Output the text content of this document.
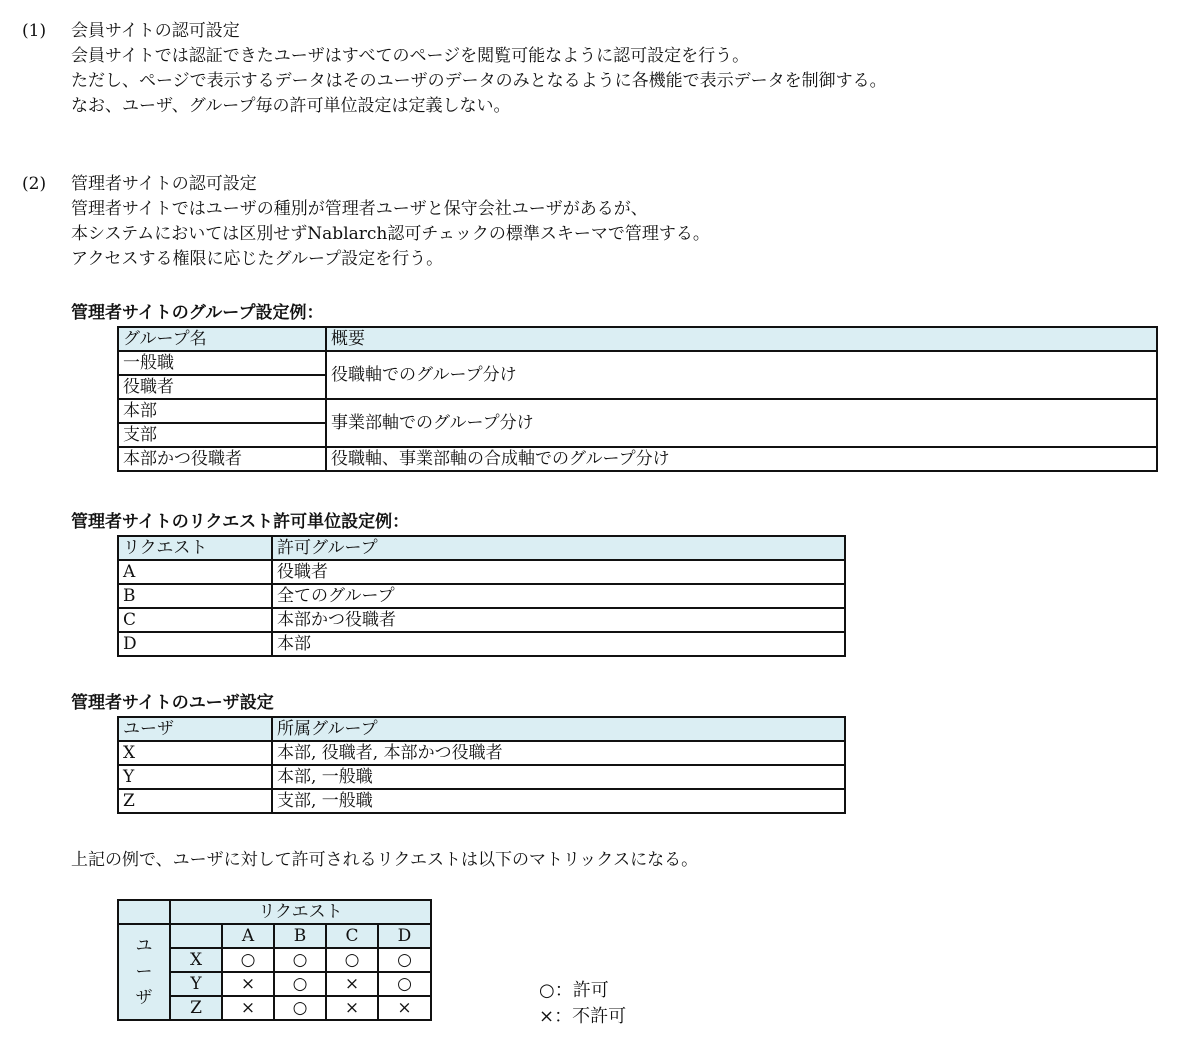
(1) 会員サイトの認可設定
会員サイトでは認証できたユーザはすべてのページを閲覧可能なように認可設定を行う。
ただし、ページで表示するデータはそのユーザのデータのみとなるように各機能で表示データを制御する。
なお、ユーザ、グループ毎の許可単位設定は定義しない。
(2) 管理者サイトの認可設定
管理者サイトではユーザの種別が管理者ユーザと保守会社ユーザがあるが、
本システムにおいては区別せずNablarch認可チェックの標準スキーマで管理する。
アクセスする権限に応じたグループ設定を行う。
管理者サイトのグループ設定例：
グループ名	概要
一般職	役職軸でのグループ分け
役職者	
本部	事業部軸でのグループ分け
支部	
本部かつ役職者	役職軸、事業部軸の合成軸でのグループ分け
管理者サイトのリクエスト許可単位設定例：
リクエスト	許可グループ
A	役職者
B	全てのグループ
C	本部かつ役職者
D	本部
管理者サイトのユーザ設定
ユーザ	所属グループ
X	本部, 役職者, 本部かつ役職者
Y	本部, 一般職
Z	支部, 一般職
上記の例で、ユーザに対して許可されるリクエストは以下のマトリックスになる。
	リクエスト				
ユ
ー
ザ		A	B	C	D
	X	○	○	○	○
	Y	×	○	×	○
	Z	×	○	×	×
○：許可
×：不許可
